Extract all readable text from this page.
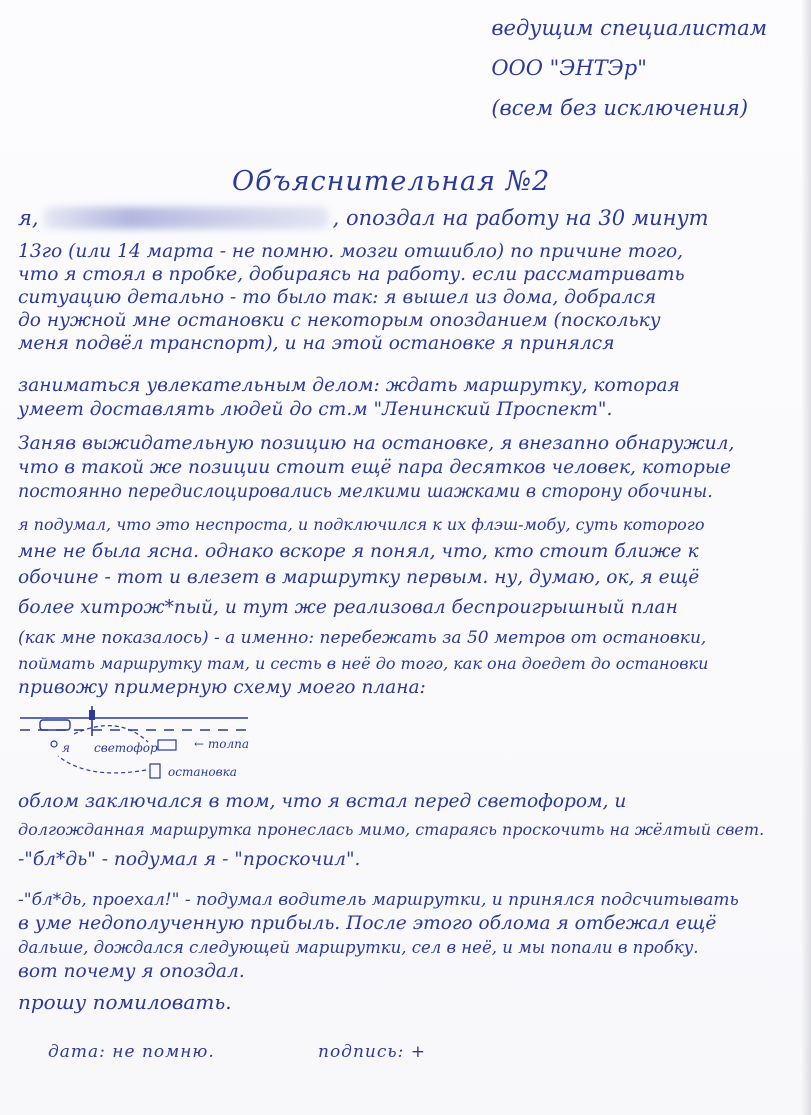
ведущим специалистам
ООО "ЭНТЭр"
(всем без исключения)
Объяснительная №2
я,	, опоздал на работу на 30 минут
13го (или 14 марта - не помню. мозги отшибло) по причине того,
что я стоял в пробке, добираясь на работу. если рассматривать
ситуацию детально - то было так: я вышел из дома, добрался
до нужной мне остановки с некоторым опозданием (поскольку
меня подвёл транспорт), и на этой остановке я принялся
заниматься увлекательным делом: ждать маршрутку, которая
умеет доставлять людей до ст.м "Ленинский Проспект".
Заняв выжидательную позицию на остановке, я внезапно обнаружил,
что в такой же позиции стоит ещё пара десятков человек, которые
постоянно передислоцировались мелкими шажками в сторону обочины.
я подумал, что это неспроста, и подключился к их флэш-мобу, суть которого
мне не была ясна. однако вскоре я понял, что, кто стоит ближе к
обочине - тот и влезет в маршрутку первым. ну, думаю, ок, я ещё
более хитрож*пый, и тут же реализовал беспроигрышный план
(как мне показалось) - а именно: перебежать за 50 метров от остановки,
поймать маршрутку там, и сесть в неё до того, как она доедет до остановки
привожу примерную схему моего плана:
я светофор	← толпа
остановка
облом заключался в том, что я встал перед светофором, и
долгожданная маршрутка пронеслась мимо, стараясь проскочить на жёлтый свет.
-"бл*дь" - подумал я - "проскочил".
-"бл*дь, проехал!" - подумал водитель маршрутки, и принялся подсчитывать
в уме недополученную прибыль. После этого облома я отбежал ещё
дальше, дождался следующей маршрутки, сел в неё, и мы попали в пробку.
вот почему я опоздал.
прошу помиловать.
дата: не помню.	подпись: +
